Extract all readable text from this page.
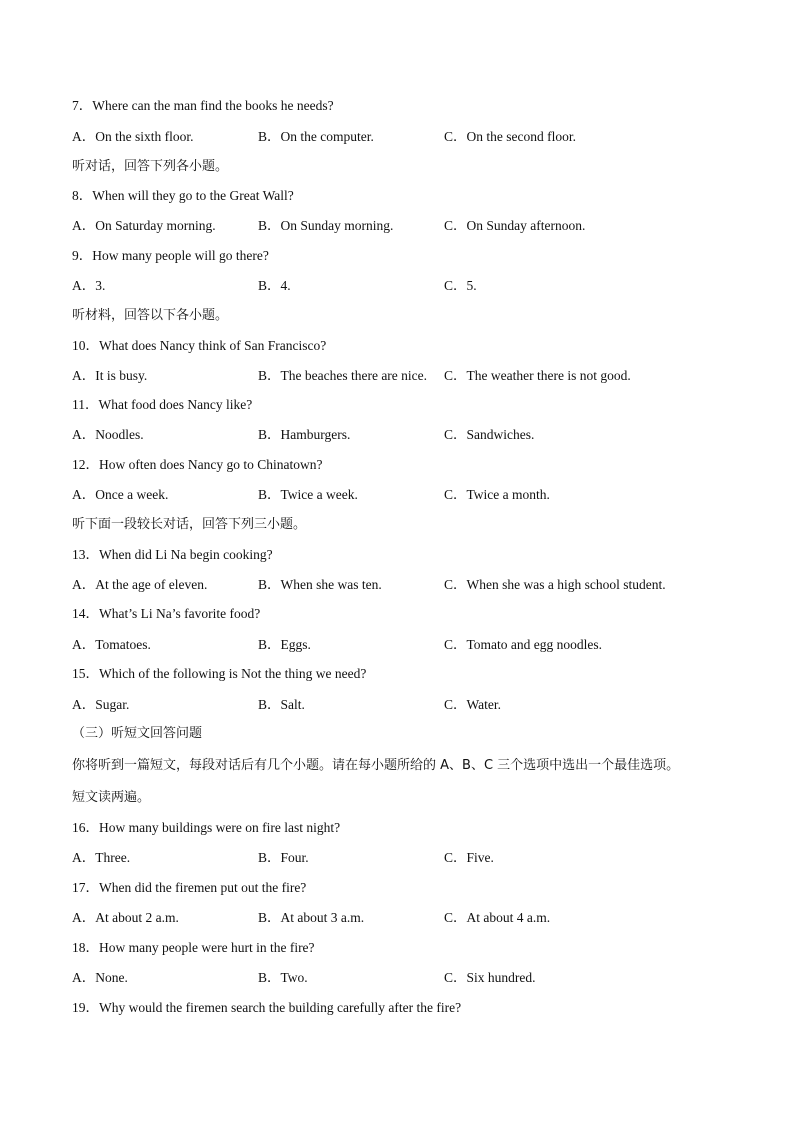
7．Where can the man find the books he needs?
A．On the sixth floor.	B．On the computer.	C．On the second floor.
听对话，回答下列各小题。
8．When will they go to the Great Wall?
A．On Saturday morning.	B．On Sunday morning.	C．On Sunday afternoon.
9．How many people will go there?
A．3.	B．4.	C．5.
听材料，回答以下各小题。
10．What does Nancy think of San Francisco?
A．It is busy.	B．The beaches there are nice. C．The weather there is not good.
11．What food does Nancy like?
A．Noodles.	B．Hamburgers.	C．Sandwiches.
12．How often does Nancy go to Chinatown?
A．Once a week.	B．Twice a week.	C．Twice a month.
听下面一段较长对话，回答下列三小题。
13．When did Li Na begin cooking?
A．At the age of eleven.	B．When she was ten.	C．When she was a high school student.
14．What’s Li Na’s favorite food?
A．Tomatoes.	B．Eggs.	C．Tomato and egg noodles.
15．Which of the following is Not the thing we need?
A．Sugar.	B．Salt.	C．Water.
（三）听短文回答问题
你将听到一篇短文，每段对话后有几个小题。请在每小题所给的 A、B、C 三个选项中选出一个最佳选项。
短文读两遍。
16．How many buildings were on fire last night?
A．Three.	B．Four.	C．Five.
17．When did the firemen put out the fire?
A．At about 2 a.m.	B．At about 3 a.m.	C．At about 4 a.m.
18．How many people were hurt in the fire?
A．None.	B．Two.	C．Six hundred.
19．Why would the firemen search the building carefully after the fire?
